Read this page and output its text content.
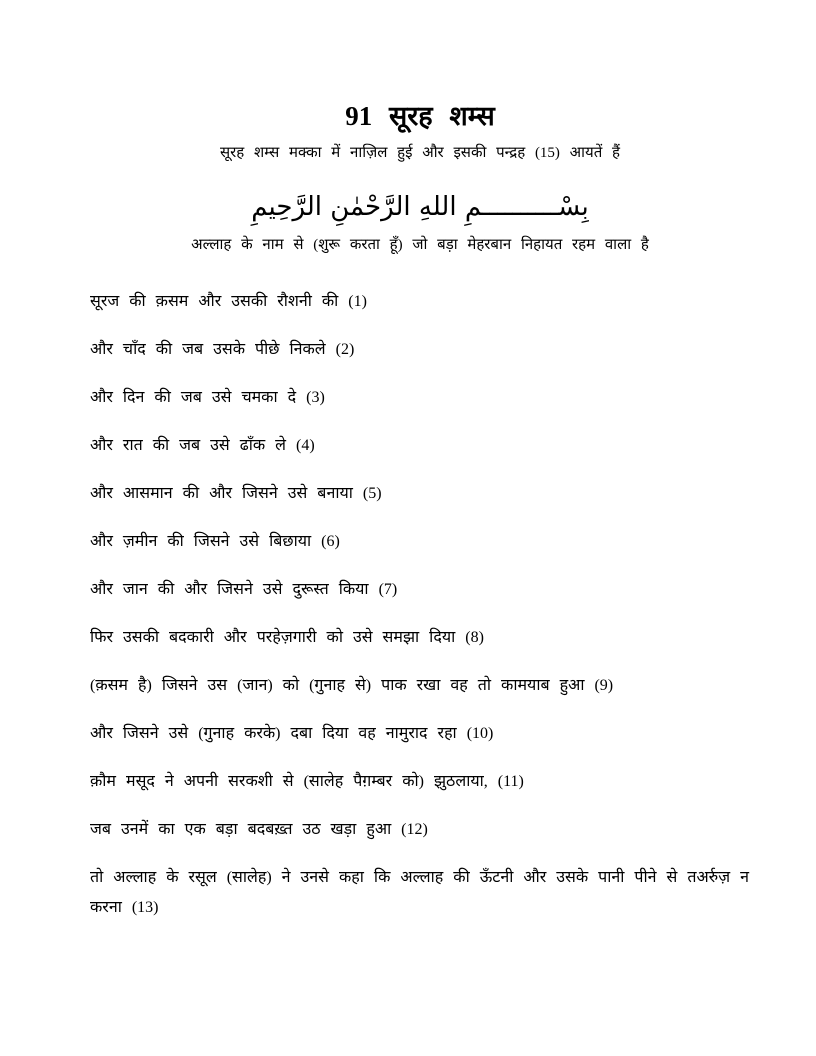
91 सूरह शम्स
सूरह शम्स मक्का में नाज़िल हुई और इसकी पन्द्रह (15) आयतें हैं
بِسْــــــــــمِ اللهِ الرَّحْمٰنِ الرَّحِيمِ
अल्लाह के नाम से (शुरू करता हूँ) जो बड़ा मेहरबान निहायत रहम वाला है

सूरज की क़सम और उसकी रौशनी की (1)

और चाँद की जब उसके पीछे निकले (2)

और दिन की जब उसे चमका दे (3)

और रात की जब उसे ढाँक ले (4)

और आसमान की और जिसने उसे बनाया (5)

और ज़मीन की जिसने उसे बिछाया (6)

और जान की और जिसने उसे दुरूस्त किया (7)

फिर उसकी बदकारी और परहेज़गारी को उसे समझा दिया (8)

(क़सम है) जिसने उस (जान) को (गुनाह से) पाक रखा वह तो कामयाब हुआ (9)

और जिसने उसे (गुनाह करके) दबा दिया वह नामुराद रहा (10)

क़ौम मसूद ने अपनी सरकशी से (सालेह पैग़म्बर को) झुठलाया, (11)

जब उनमें का एक बड़ा बदबख़्त उठ खड़ा हुआ (12)

तो अल्लाह के रसूल (सालेह) ने उनसे कहा कि अल्लाह की ऊँटनी और उसके पानी पीने से तअर्रुज़ न करना (13)
